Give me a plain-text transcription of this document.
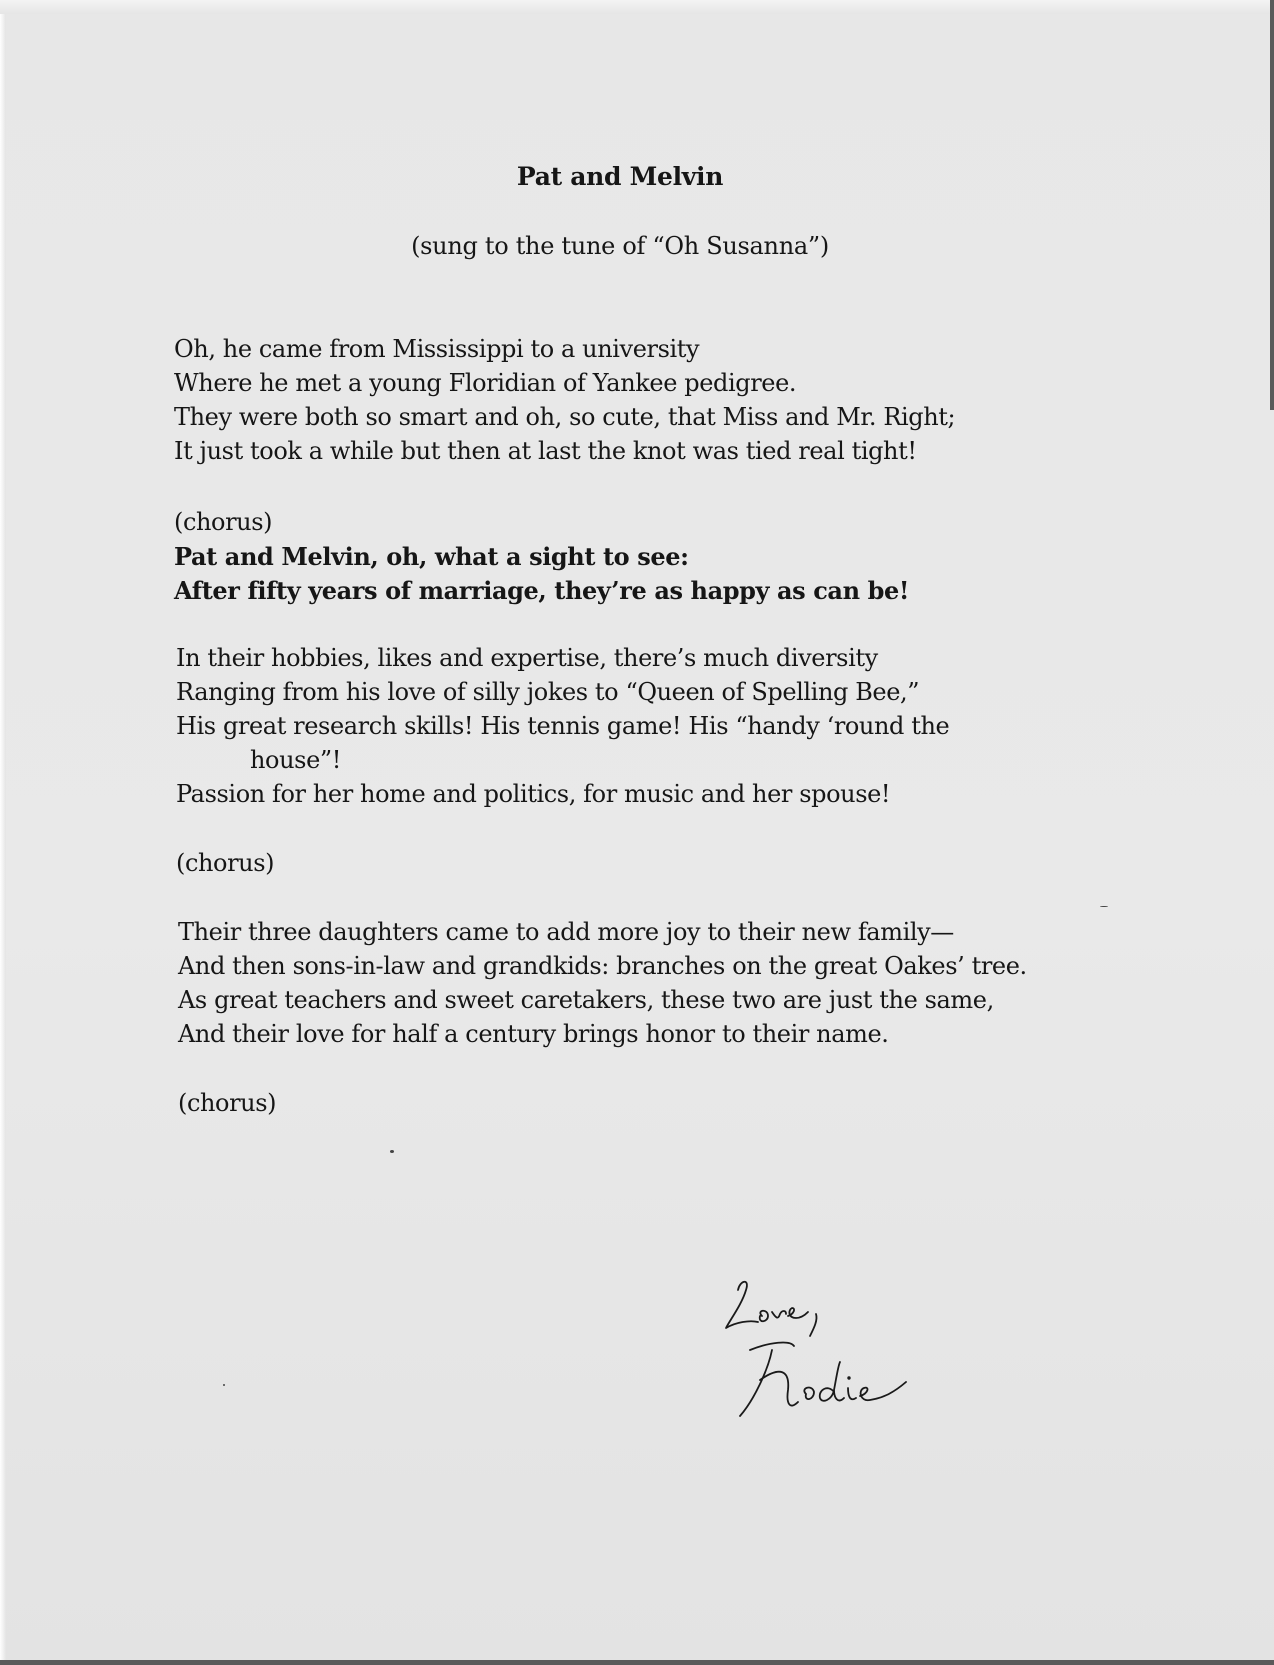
Pat and Melvin
(sung to the tune of “Oh Susanna”)
Oh, he came from Mississippi to a university
Where he met a young Floridian of Yankee pedigree.
They were both so smart and oh, so cute, that Miss and Mr. Right;
It just took a while but then at last the knot was tied real tight!
(chorus)
Pat and Melvin, oh, what a sight to see:
After fifty years of marriage, they’re as happy as can be!
In their hobbies, likes and expertise, there’s much diversity
Ranging from his love of silly jokes to “Queen of Spelling Bee,”
His great research skills! His tennis game! His “handy ‘round the
house”!
Passion for her home and politics, for music and her spouse!
(chorus)
Their three daughters came to add more joy to their new family—
And then sons-in-law and grandkids: branches on the great Oakes’ tree.
As great teachers and sweet caretakers, these two are just the same,
And their love for half a century brings honor to their name.
(chorus)
